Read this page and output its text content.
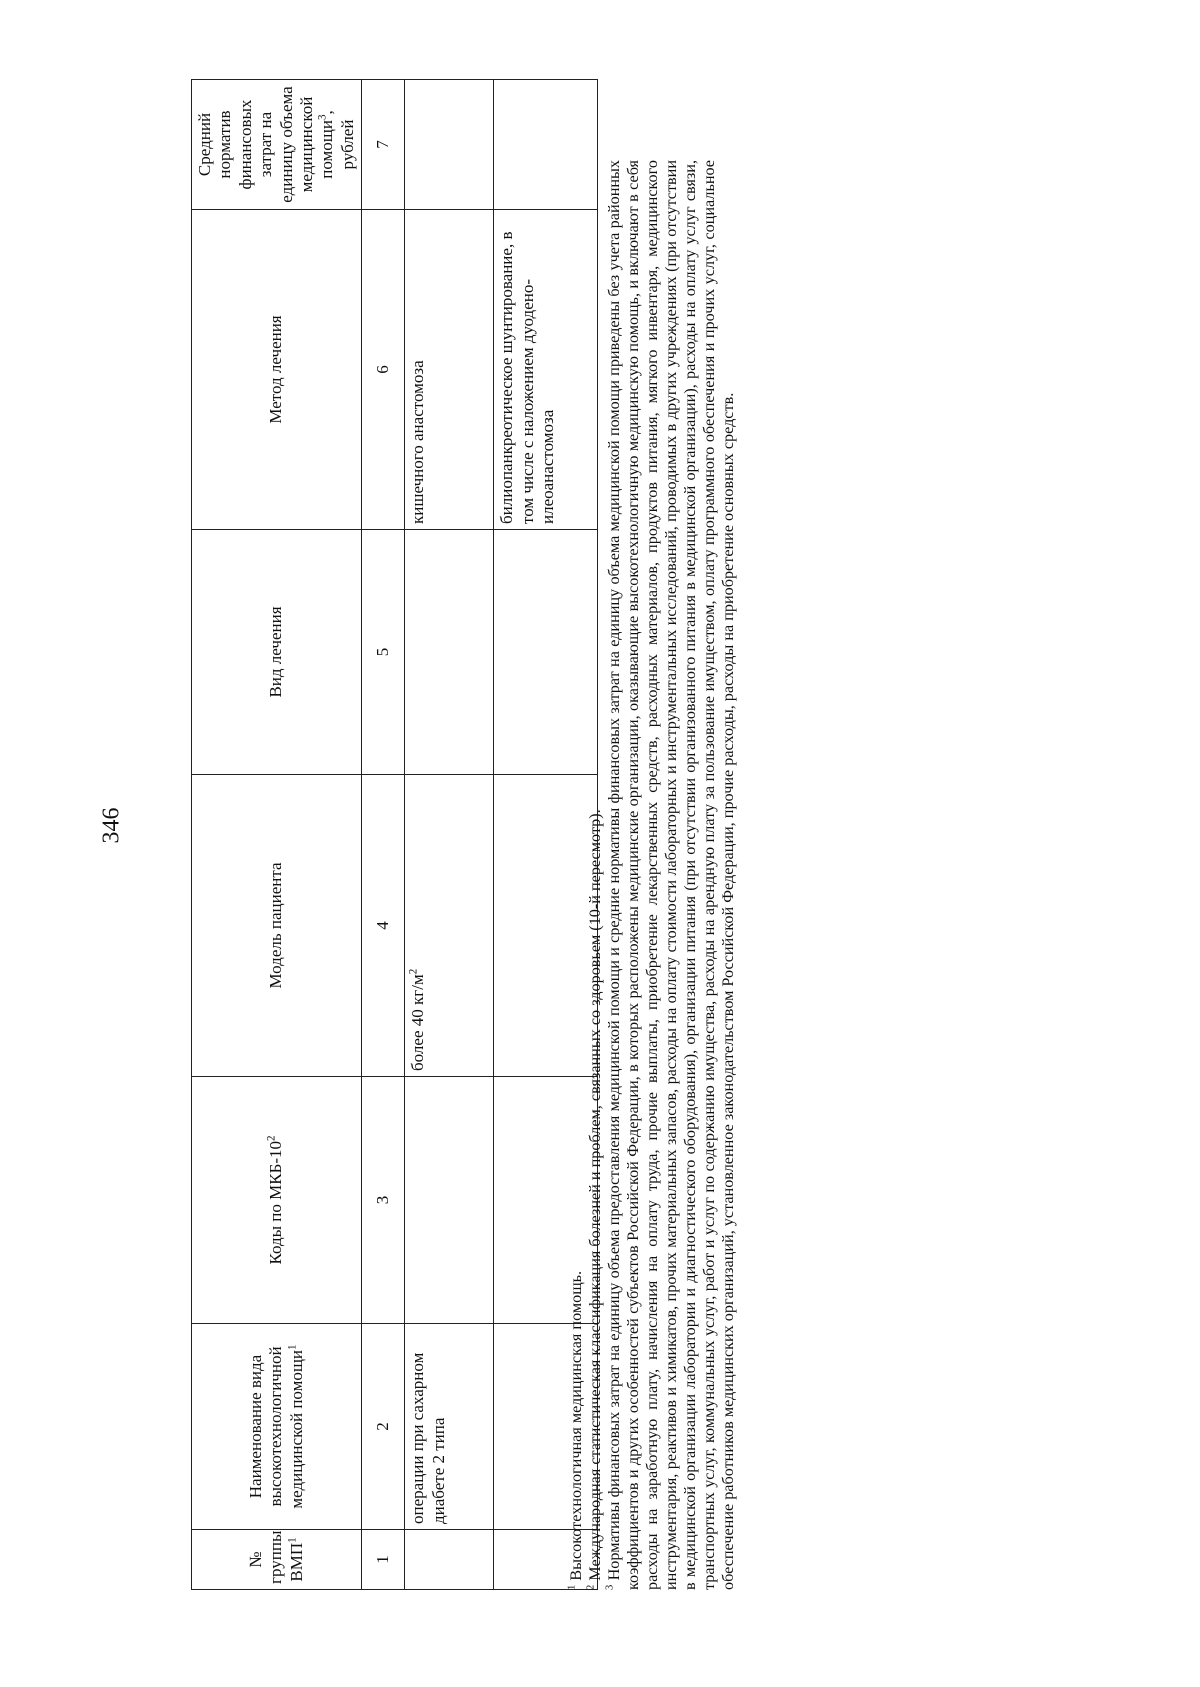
346
№ группы ВМП$^1$	Наименование вида высокотехнологичной медицинской помощи$^1$	Коды по МКБ-$10^2$	Модель пациента	Вид лечения	Метод лечения	Средний норматив финансовых затрат на единицу объема медицинской помощи$^3$, рублей
1	2	3	4	5	6	7
	операции при сахарном диабете 2 типа		более 40 $кг/м^2$		кишечного анастомоза	
					билиопанкреотическое шунтирование, в том числе с наложением дуодено-илеоанастомоза	

$^1$ Высокотехнологичная медицинская помощь.

$^2$ Международная статистическая классификация болезней и проблем, связанных со здоровьем (10-й пересмотр).

$^3$ Нормативы финансовых затрат на единицу объема предоставления медицинской помощи и средние нормативы финансовых затрат на единицу объема медицинской помощи приведены без учета районных коэффициентов и других особенностей субъектов Российской Федерации, в которых расположены медицинские организации, оказывающие высокотехнологичную медицинскую помощь, и включают в себя расходы на заработную плату, начисления на оплату труда, прочие выплаты, приобретение лекарственных средств, расходных материалов, продуктов питания, мягкого инвентаря, медицинского инструментария, реактивов и химикатов, прочих материальных запасов, расходы на оплату стоимости лабораторных и инструментальных исследований, проводимых в других учреждениях (при отсутствии в медицинской организации лаборатории и диагностического оборудования), организации питания (при отсутствии организованного питания в медицинской организации), расходы на оплату услуг связи, транспортных услуг, коммунальных услуг, работ и услуг по содержанию имущества, расходы на арендную плату за пользование имуществом, оплату программного обеспечения и прочих услуг, социальное обеспечение работников медицинских организаций, установленное законодательством Российской Федерации, прочие расходы, расходы на приобретение основных средств.
